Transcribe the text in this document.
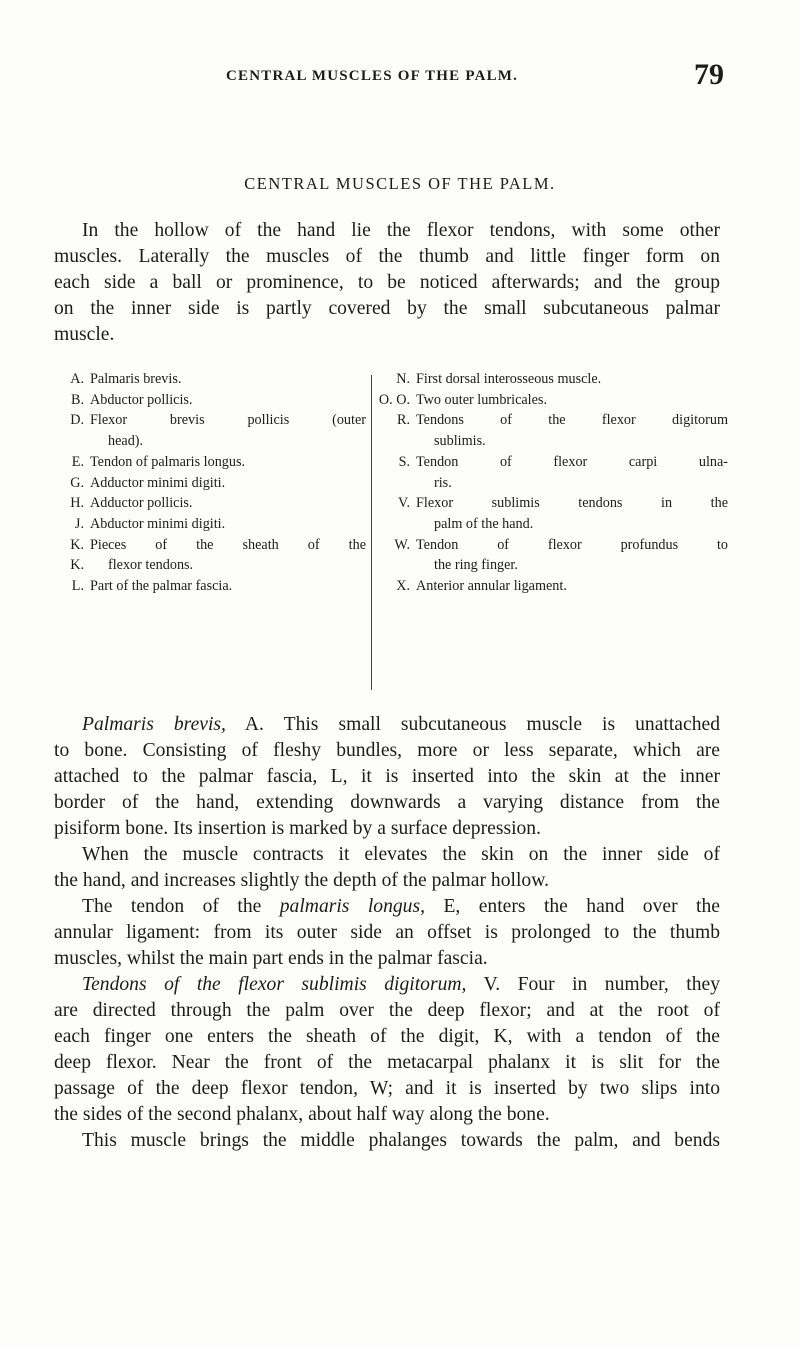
CENTRAL MUSCLES OF THE PALM.	79
CENTRAL MUSCLES OF THE PALM.

In the hollow of the hand lie the flexor tendons, with some other
muscles. Laterally the muscles of the thumb and little finger form on
each side a ball or prominence, to be noticed afterwards; and the group
on the inner side is partly covered by the small subcutaneous palmar
muscle.

A. Palmaris brevis.
B. Abductor pollicis.
D. Flexor brevis pollicis (outer
head).
E. Tendon of palmaris longus.
G. Adductor minimi digiti.
H. Adductor pollicis.
J. Abductor minimi digiti.
K. K.
Pieces of the sheath of the
flexor tendons.
L. Part of the palmar fascia.
N. First dorsal interosseous muscle.
O. O. Two outer lumbricales.
R. Tendons of the flexor digitorum
sublimis.
S. Tendon of flexor carpi ulna-
ris.
V. Flexor sublimis tendons in the
palm of the hand.
W. Tendon of flexor profundus to
the ring finger.
X. Anterior annular ligament.

Palmaris brevis, A. This small subcutaneous muscle is unattached
to bone. Consisting of fleshy bundles, more or less separate, which are
attached to the palmar fascia, L, it is inserted into the skin at the inner
border of the hand, extending downwards a varying distance from the
pisiform bone. Its insertion is marked by a surface depression.

When the muscle contracts it elevates the skin on the inner side of
the hand, and increases slightly the depth of the palmar hollow.

The tendon of the palmaris longus, E, enters the hand over the
annular ligament: from its outer side an offset is prolonged to the thumb
muscles, whilst the main part ends in the palmar fascia.

Tendons of the flexor sublimis digitorum, V. Four in number, they
are directed through the palm over the deep flexor; and at the root of
each finger one enters the sheath of the digit, K, with a tendon of the
deep flexor. Near the front of the metacarpal phalanx it is slit for the
passage of the deep flexor tendon, W; and it is inserted by two slips into
the sides of the second phalanx, about half way along the bone.

This muscle brings the middle phalanges towards the palm, and bends
